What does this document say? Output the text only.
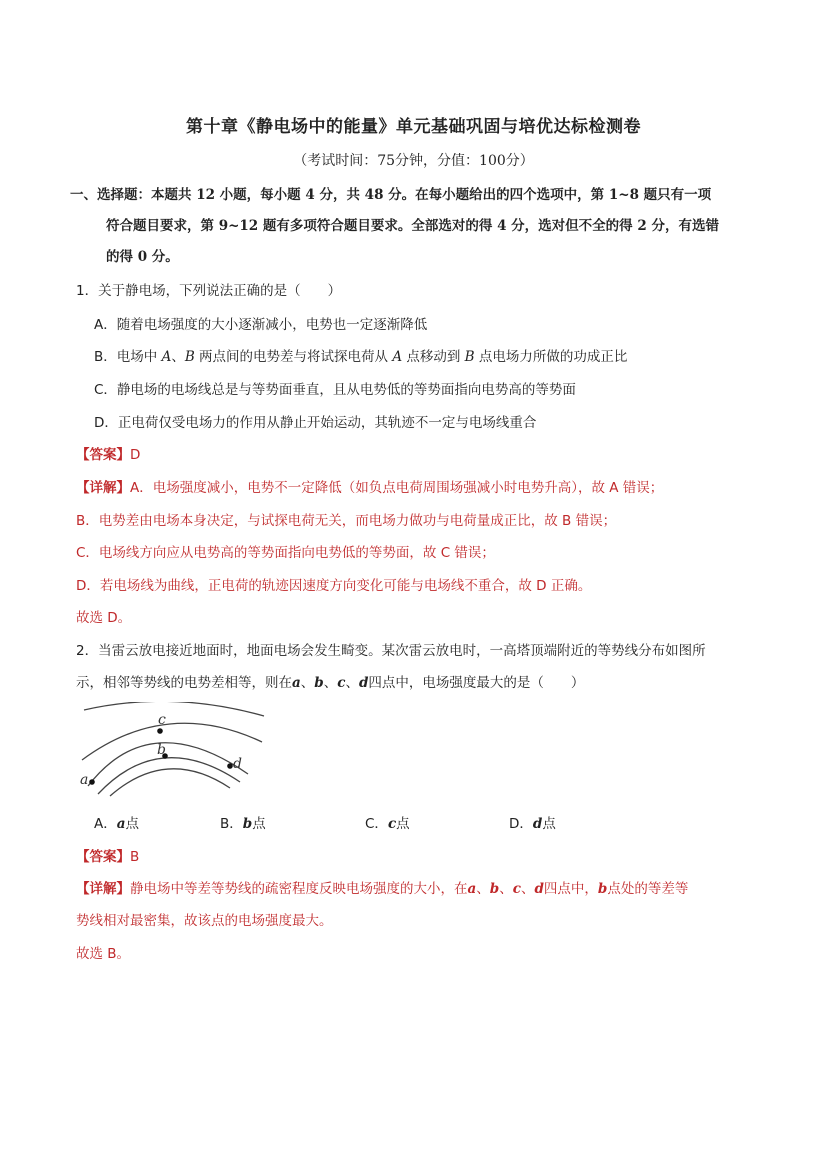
第十章《静电场中的能量》单元基础巩固与培优达标检测卷
（考试时间：75分钟，分值：100分）
一、选择题：本题共 12 小题，每小题 4 分，共 48 分。在每小题给出的四个选项中，第 1~8 题只有一项
符合题目要求，第 9~12 题有多项符合题目要求。全部选对的得 4 分，选对但不全的得 2 分，有选错
的得 0 分。
1．关于静电场，下列说法正确的是（　　）
A．随着电场强度的大小逐渐减小，电势也一定逐渐降低
B．电场中 A、B 两点间的电势差与将试探电荷从 A 点移动到 B 点电场力所做的功成正比
C．静电场的电场线总是与等势面垂直，且从电势低的等势面指向电势高的等势面
D．正电荷仅受电场力的作用从静止开始运动，其轨迹不一定与电场线重合
【答案】D
【详解】A．电场强度减小，电势不一定降低（如负点电荷周围场强减小时电势升高），故 A 错误；
B．电势差由电场本身决定，与试探电荷无关，而电场力做功与电荷量成正比，故 B 错误；
C．电场线方向应从电势高的等势面指向电势低的等势面，故 C 错误；
D．若电场线为曲线，正电荷的轨迹因速度方向变化可能与电场线不重合，故 D 正确。
故选 D。
2．当雷云放电接近地面时，地面电场会发生畸变。某次雷云放电时，一高塔顶端附近的等势线分布如图所
示，相邻等势线的电势差相等，则在a、b、c、d四点中，电场强度最大的是（　　）
c
b
d
a
A．a点	B．b点	C．c点	D．d点
【答案】B
【详解】静电场中等差等势线的疏密程度反映电场强度的大小，在a、b、c、d四点中，b点处的等差等
势线相对最密集，故该点的电场强度最大。
故选 B。
